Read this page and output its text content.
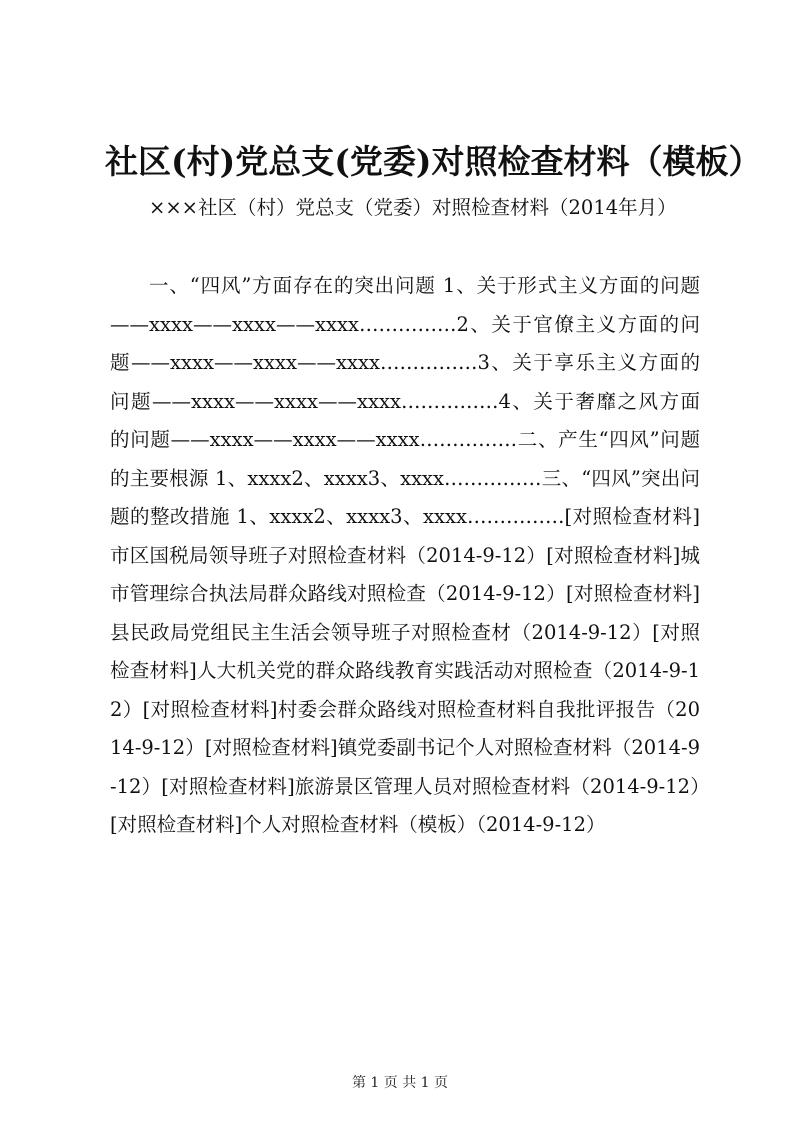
社区(村)党总支(党委)对照检查材料（模板）

×××社区（村）党总支（党委）对照检查材料（2014年月）

一、“四风”方面存在的突出问题 1、关于形式主义方面的问题——xxxx——xxxx——xxxx……………2、关于官僚主义方面的问题——xxxx——xxxx——xxxx……………3、关于享乐主义方面的问题——xxxx——xxxx——xxxx……………4、关于奢靡之风方面的问题——xxxx——xxxx——xxxx……………二、产生“四风”问题的主要根源 1、xxxx2、xxxx3、xxxx……………三、“四风”突出问题的整改措施 1、xxxx2、xxxx3、xxxx……………[对照检查材料]市区国税局领导班子对照检查材料（2014-9-12）[对照检查材料]城市管理综合执法局群众路线对照检查（2014-9-12）[对照检查材料]县民政局党组民主生活会领导班子对照检查材（2014-9-12）[对照检查材料]人大机关党的群众路线教育实践活动对照检查（2014-9-12）[对照检查材料]村委会群众路线对照检查材料自我批评报告（2014-9-12）[对照检查材料]镇党委副书记个人对照检查材料（2014-9-12）[对照检查材料]旅游景区管理人员对照检查材料（2014-9-12）[对照检查材料]个人对照检查材料（模板）（2014-9-12）

第 1 页 共 1 页
